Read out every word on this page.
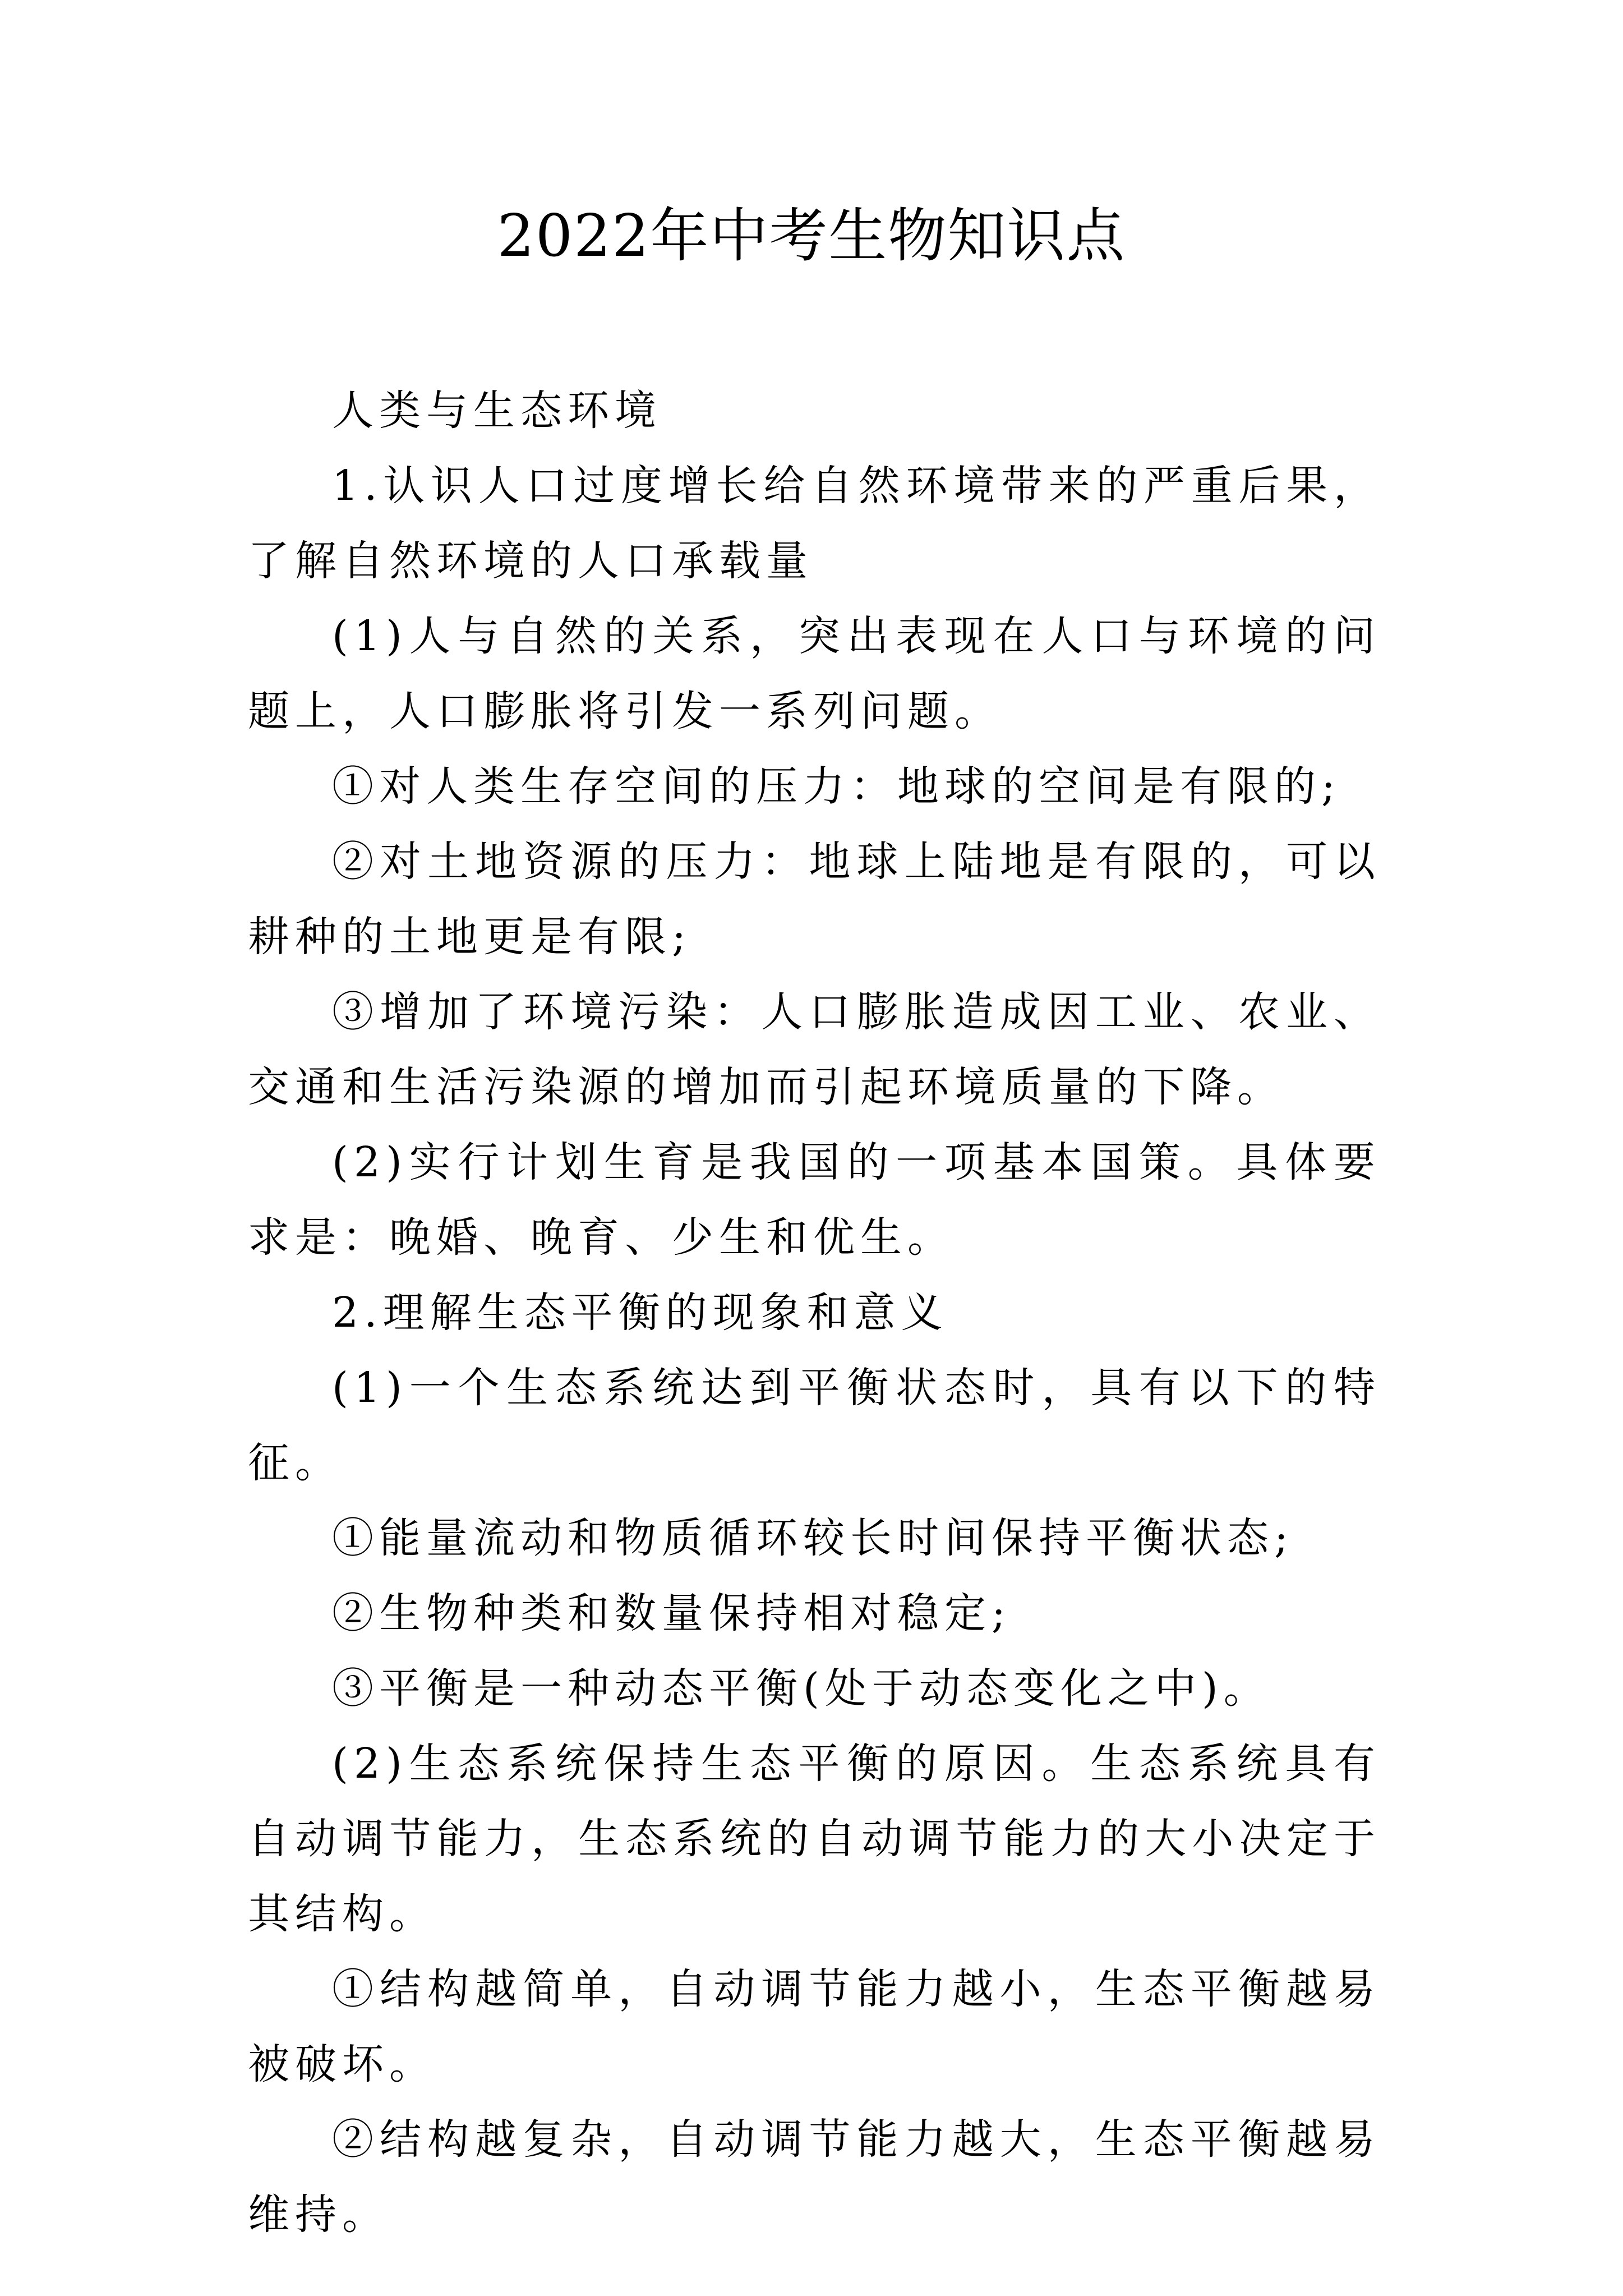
2022年中考生物知识点

人类与生态环境

1.认识人口过度增长给自然环境带来的严重后果，了解自然环境的人口承载量

(1)人与自然的关系，突出表现在人口与环境的问题上，人口膨胀将引发一系列问题。

①对人类生存空间的压力：地球的空间是有限的;

②对土地资源的压力：地球上陆地是有限的，可以耕种的土地更是有限;

③增加了环境污染：人口膨胀造成因工业、农业、交通和生活污染源的增加而引起环境质量的下降。

(2)实行计划生育是我国的一项基本国策。具体要求是：晚婚、晚育、少生和优生。

2.理解生态平衡的现象和意义

(1)一个生态系统达到平衡状态时，具有以下的特征。

①能量流动和物质循环较长时间保持平衡状态;

②生物种类和数量保持相对稳定;

③平衡是一种动态平衡(处于动态变化之中)。

(2)生态系统保持生态平衡的原因。生态系统具有自动调节能力，生态系统的自动调节能力的大小决定于其结构。

①结构越简单，自动调节能力越小，生态平衡越易被破坏。

②结构越复杂，自动调节能力越大，生态平衡越易维持。
